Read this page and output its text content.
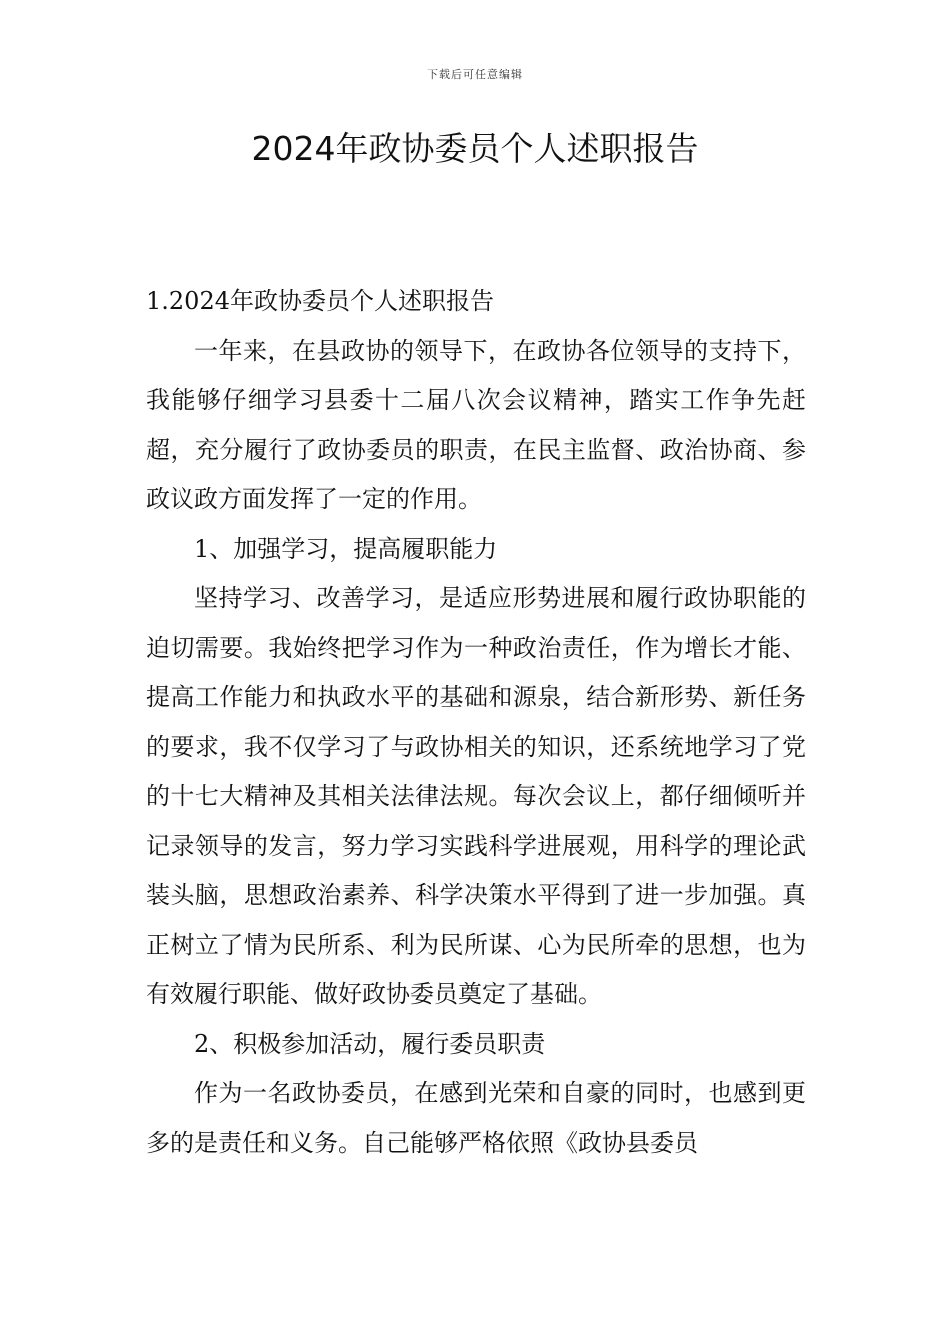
下载后可任意编辑
2024年政协委员个人述职报告

1.2024年政协委员个人述职报告

一年来，在县政协的领导下，在政协各位领导的支持下，我能够仔细学习县委十二届八次会议精神，踏实工作争先赶超，充分履行了政协委员的职责，在民主监督、政治协商、参政议政方面发挥了一定的作用。

1、加强学习，提高履职能力

坚持学习、改善学习，是适应形势进展和履行政协职能的迫切需要。我始终把学习作为一种政治责任，作为增长才能、提高工作能力和执政水平的基础和源泉，结合新形势、新任务的要求，我不仅学习了与政协相关的知识，还系统地学习了党的十七大精神及其相关法律法规。每次会议上，都仔细倾听并记录领导的发言，努力学习实践科学进展观，用科学的理论武装头脑，思想政治素养、科学决策水平得到了进一步加强。真正树立了情为民所系、利为民所谋、心为民所牵的思想，也为有效履行职能、做好政协委员奠定了基础。

2、积极参加活动，履行委员职责

作为一名政协委员，在感到光荣和自豪的同时，也感到更多的是责任和义务。自己能够严格依照《政协县委员
